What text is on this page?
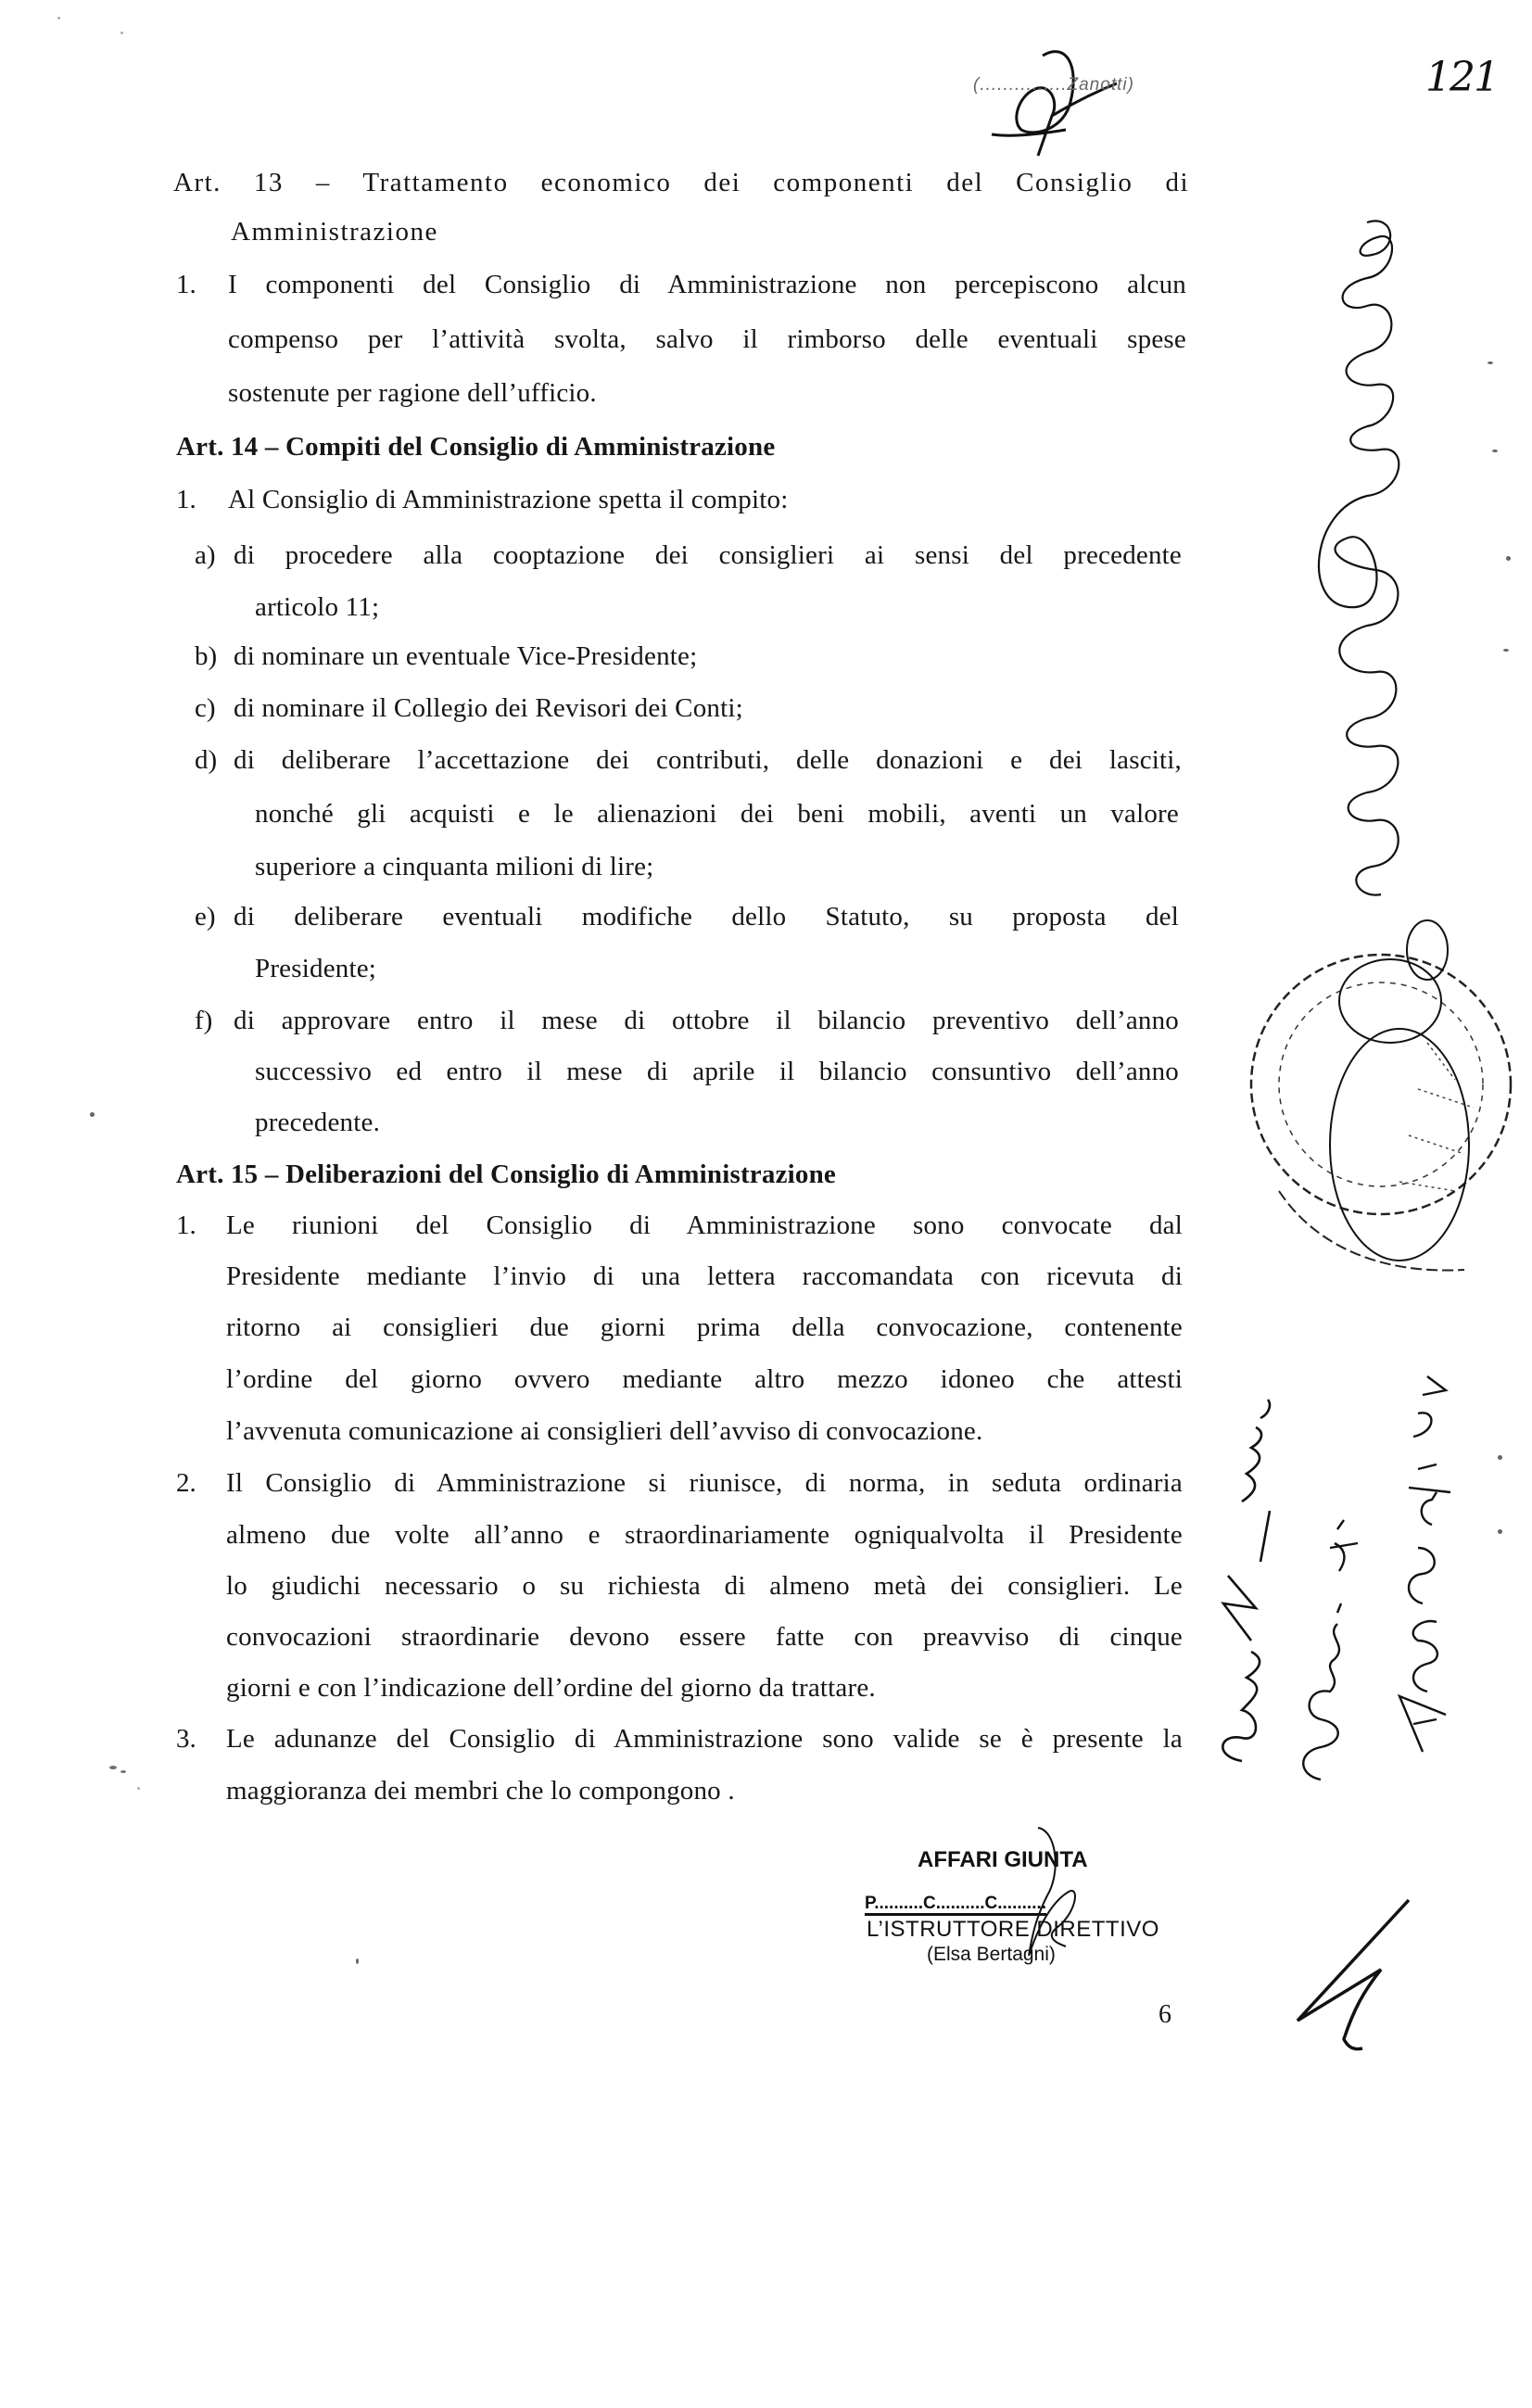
(...............Zanotti)	121
Art. 13 – Trattamento economico dei componenti del Consiglio di
Amministrazione
1. I componenti del Consiglio di Amministrazione non percepiscono alcun
compenso per l’attività svolta, salvo il rimborso delle eventuali spese
sostenute per ragione dell’ufficio.
Art. 14 – Compiti del Consiglio di Amministrazione
1. Al Consiglio di Amministrazione spetta il compito:
a) di procedere alla cooptazione dei consiglieri ai sensi del precedente
articolo 11;
b) di nominare un eventuale Vice-Presidente;
c) di nominare il Collegio dei Revisori dei Conti;
d) di deliberare l’accettazione dei contributi, delle donazioni e dei lasciti,
nonché gli acquisti e le alienazioni dei beni mobili, aventi un valore
superiore a cinquanta milioni di lire;
e) di deliberare eventuali modifiche dello Statuto, su proposta del
Presidente;
f) di approvare entro il mese di ottobre il bilancio preventivo dell’anno
successivo ed entro il mese di aprile il bilancio consuntivo dell’anno
precedente.
Art. 15 – Deliberazioni del Consiglio di Amministrazione
1. Le riunioni del Consiglio di Amministrazione sono convocate dal
Presidente mediante l’invio di una lettera raccomandata con ricevuta di
ritorno ai consiglieri due giorni prima della convocazione, contenente
l’ordine del giorno ovvero mediante altro mezzo idoneo che attesti
l’avvenuta comunicazione ai consiglieri dell’avviso di convocazione.
2. Il Consiglio di Amministrazione si riunisce, di norma, in seduta ordinaria
almeno due volte all’anno e straordinariamente ogniqualvolta il Presidente
lo giudichi necessario o su richiesta di almeno metà dei consiglieri. Le
convocazioni straordinarie devono essere fatte con preavviso di cinque
giorni e con l’indicazione dell’ordine del giorno da trattare.
3. Le adunanze del Consiglio di Amministrazione sono valide se è presente la
maggioranza dei membri che lo compongono .
AFFARI GIUNTA
P..........C..........C..........
L’ISTRUTTORE DIRETTIVO
(Elsa Bertagni)
6
